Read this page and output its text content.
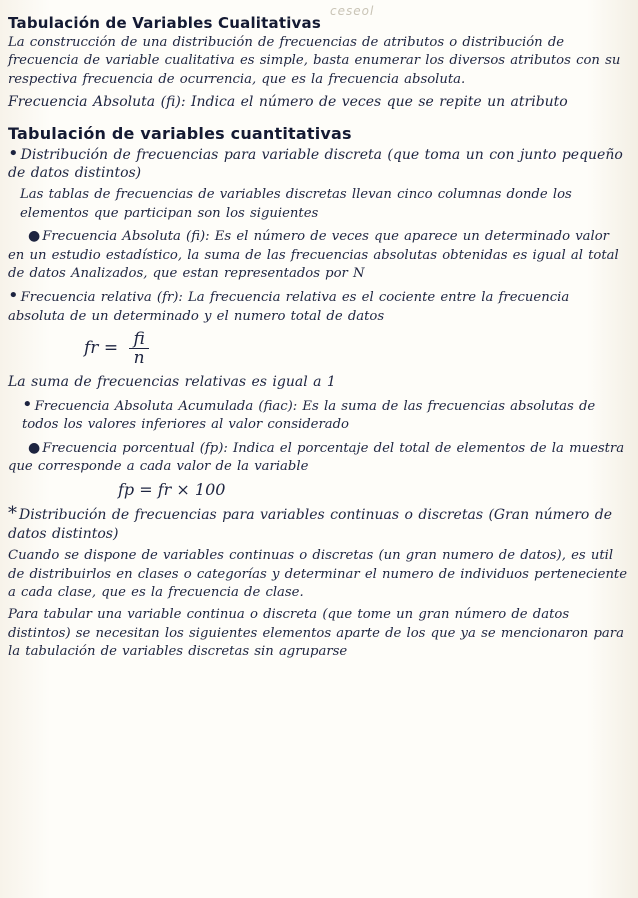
ceseol
Tabulación de Variables Cualitativas

La construcción de una distribución de frecuencias de atributos o distribución de frecuencia de variable cualitativa es simple, basta enumerar los diversos atributos con su respectiva frecuencia de ocurrencia, que es la frecuencia absoluta.

Frecuencia Absoluta (fi): Indica el número de veces que se repite un atributo

Tabulación de variables cuantitativas

• Distribución de frecuencias para variable discreta (que toma un con junto pequeño de datos distintos)

Las tablas de frecuencias de variables discretas llevan cinco columnas donde los elementos que participan son los siguientes

● Frecuencia Absoluta (fi): Es el número de veces que aparece un determinado valor en un estudio estadístico, la suma de las frecuencias absolutas obtenidas es igual al total de datos Analizados, que estan representados por N

• Frecuencia relativa (fr): La frecuencia relativa es el cociente entre la frecuencia absoluta de un determinado y el numero total de datos

fr = $\frac{fi}{n}$

La suma de frecuencias relativas es igual a 1

• Frecuencia Absoluta Acumulada (fiac): Es la suma de las frecuencias absolutas de todos los valores inferiores al valor considerado

● Frecuencia porcentual (fp): Indica el porcentaje del total de elementos de la muestra que corresponde a cada valor de la variable

fp = fr × 100

* Distribución de frecuencias para variables continuas o discretas (Gran número de datos distintos)

Cuando se dispone de variables continuas o discretas (un gran numero de datos), es util de distribuirlos en clases o categorías y determinar el numero de individuos perteneciente a cada clase, que es la frecuencia de clase.

Para tabular una variable continua o discreta (que tome un gran número de datos distintos) se necesitan los siguientes elementos aparte de los que ya se mencionaron para la tabulación de variables discretas sin agruparse
